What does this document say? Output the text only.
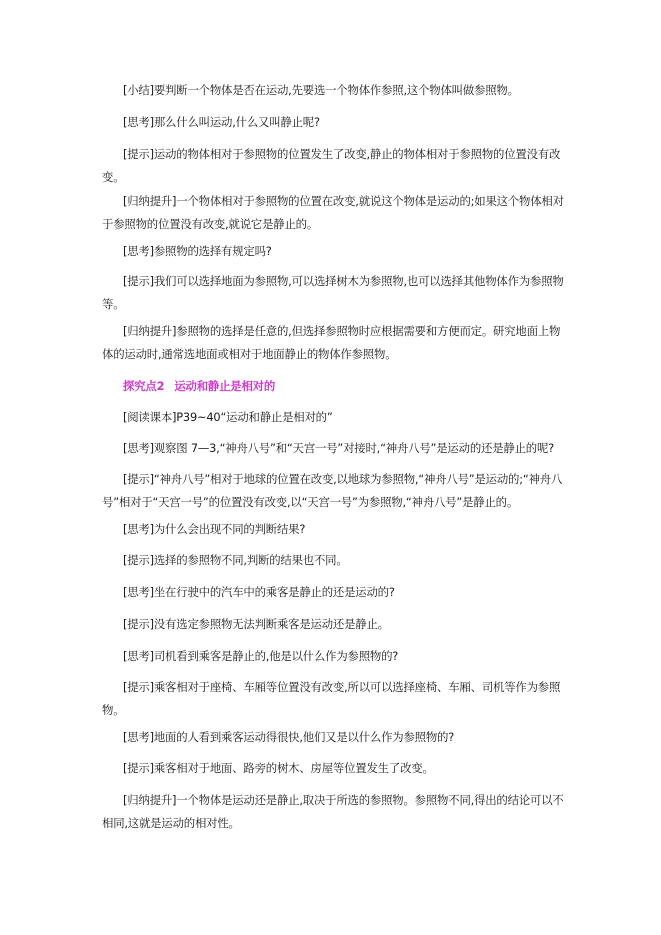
[小结]要判断一个物体是否在运动,先要选一个物体作参照,这个物体叫做参照物。

[思考]那么什么叫运动,什么又叫静止呢?

[提示]运动的物体相对于参照物的位置发生了改变,静止的物体相对于参照物的位置没有改变。

[归纳提升]一个物体相对于参照物的位置在改变,就说这个物体是运动的;如果这个物体相对于参照物的位置没有改变,就说它是静止的。

[思考]参照物的选择有规定吗?

[提示]我们可以选择地面为参照物,可以选择树木为参照物,也可以选择其他物体作为参照物等。

[归纳提升]参照物的选择是任意的,但选择参照物时应根据需要和方便而定。研究地面上物体的运动时,通常选地面或相对于地面静止的物体作参照物。

探究点2 运动和静止是相对的

[阅读课本]P39~40“运动和静止是相对的”

[思考]观察图 7—3,“神舟八号”和“天宫一号”对接时,“神舟八号”是运动的还是静止的呢?

[提示]“神舟八号”相对于地球的位置在改变,以地球为参照物,“神舟八号”是运动的;“神舟八号”相对于“天宫一号”的位置没有改变,以“天宫一号”为参照物,“神舟八号”是静止的。

[思考]为什么会出现不同的判断结果?

[提示]选择的参照物不同,判断的结果也不同。

[思考]坐在行驶中的汽车中的乘客是静止的还是运动的?

[提示]没有选定参照物无法判断乘客是运动还是静止。

[思考]司机看到乘客是静止的,他是以什么作为参照物的?

[提示]乘客相对于座椅、车厢等位置没有改变,所以可以选择座椅、车厢、司机等作为参照物。

[思考]地面的人看到乘客运动得很快,他们又是以什么作为参照物的?

[提示]乘客相对于地面、路旁的树木、房屋等位置发生了改变。

[归纳提升]一个物体是运动还是静止,取决于所选的参照物。参照物不同,得出的结论可以不相同,这就是运动的相对性。
